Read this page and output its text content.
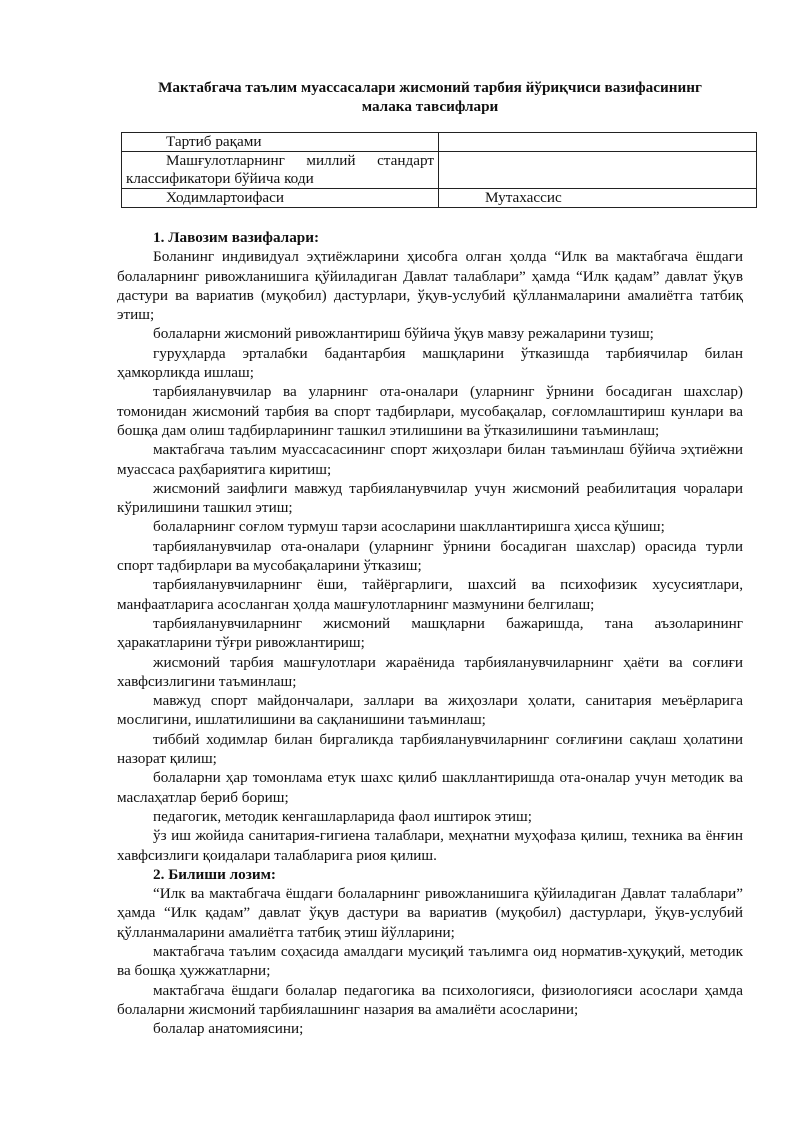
Мактабгача таълим муассасалари жисмоний тарбия йўриқчиси вазифасининг
малака тавсифлари
Тартиб рақами	

Машғулотларнинг миллий стандарт
классификатори бўйича коди	

Ходимлартоифаси	Мутахассис

1. Лавозим вазифалари:

Боланинг индивидуал эҳтиёжларини ҳисобга олган ҳолда “Илк ва мактабгача ёшдаги болаларнинг ривожланишига қўйиладиган Давлат талаблари” ҳамда “Илк қадам” давлат ўқув дастури ва вариатив (муқобил) дастурлари, ўқув-услубий қўлланмаларини амалиётга татбиқ этиш;

болаларни жисмоний ривожлантириш бўйича ўқув мавзу режаларини тузиш;

гуруҳларда эрталабки бадантарбия машқларини ўтказишда тарбиячилар билан ҳамкорликда ишлаш;

тарбияланувчилар ва уларнинг ота-оналари (уларнинг ўрнини босадиган шахслар) томонидан жисмоний тарбия ва спорт тадбирлари, мусобақалар, соғломлаштириш кунлари ва бошқа дам олиш тадбирларининг ташкил этилишини ва ўтказилишини таъминлаш;

мактабгача таълим муассасасининг спорт жиҳозлари билан таъминлаш бўйича эҳтиёжни муассаса раҳбариятига киритиш;

жисмоний заифлиги мавжуд тарбияланувчилар учун жисмоний реабилитация чоралари кўрилишини ташкил этиш;

болаларнинг соғлом турмуш тарзи асосларини шакллантиришга ҳисса қўшиш;

тарбияланувчилар ота-оналари (уларнинг ўрнини босадиган шахслар) орасида турли спорт тадбирлари ва мусобақаларини ўтказиш;

тарбияланувчиларнинг ёши, тайёргарлиги, шахсий ва психофизик хусусиятлари, манфаатларига асосланган ҳолда машғулотларнинг мазмунини белгилаш;

тарбияланувчиларнинг жисмоний машқларни бажаришда, тана аъзоларининг ҳаракатларини тўғри ривожлантириш;

жисмоний тарбия машғулотлари жараёнида тарбияланувчиларнинг ҳаёти ва соғлиғи хавфсизлигини таъминлаш;

мавжуд спорт майдончалари, заллари ва жиҳозлари ҳолати, санитария меъёрларига мослигини, ишлатилишини ва сақланишини таъминлаш;

тиббий ходимлар билан биргаликда тарбияланувчиларнинг соғлиғини сақлаш ҳолатини назорат қилиш;

болаларни ҳар томонлама етук шахс қилиб шакллантиришда ота-оналар учун методик ва маслаҳатлар бериб бориш;

педагогик, методик кенгашларларида фаол иштирок этиш;

ўз иш жойида санитария-гигиена талаблари, меҳнатни муҳофаза қилиш, техника ва ёнғин хавфсизлиги қоидалари талабларига риоя қилиш.

2. Билиши лозим:

“Илк ва мактабгача ёшдаги болаларнинг ривожланишига қўйиладиган Давлат талаблари” ҳамда “Илк қадам” давлат ўқув дастури ва вариатив (муқобил) дастурлари, ўқув-услубий қўлланмаларини амалиётга татбиқ этиш йўлларини;

мактабгача таълим соҳасида амалдаги мусиқий таълимга оид норматив-ҳуқуқий, методик ва бошқа ҳужжатларни;

мактабгача ёшдаги болалар педагогика ва психологияси, физиологияси асослари ҳамда болаларни жисмоний тарбиялашнинг назария ва амалиёти асосларини;

болалар анатомиясини;
